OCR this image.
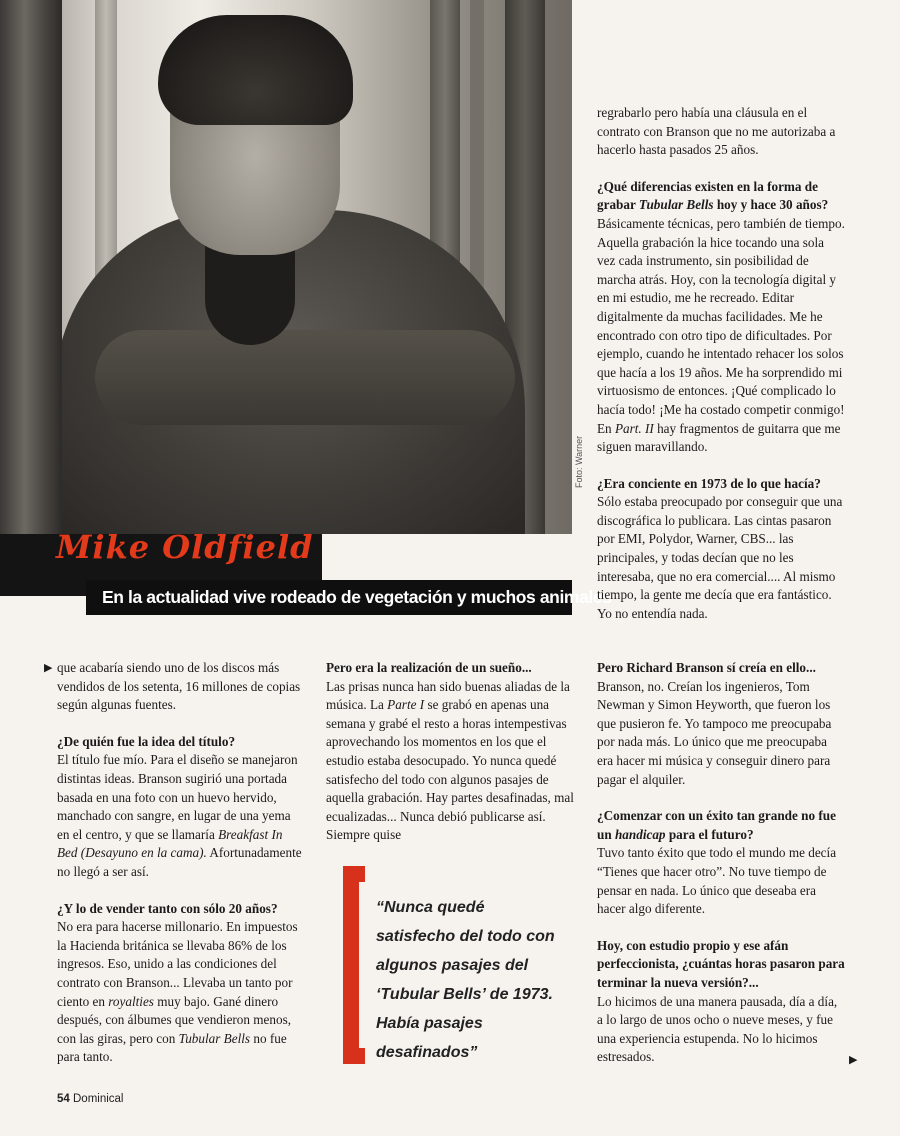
Foto: Warner
Mike Oldfield
En la actualidad vive rodeado de vegetación y muchos animales
▶ que acabaría siendo uno de los discos más vendidos de los setenta, 16 millones de copias según algunas fuentes.

¿De quién fue la idea del título?

El título fue mío. Para el diseño se manejaron distintas ideas. Branson sugirió una portada basada en una foto con un huevo hervido, manchado con sangre, en lugar de una yema en el centro, y que se llamaría Breakfast In Bed (Desayuno en la cama). Afortunadamente no llegó a ser así.

¿Y lo de vender tanto con sólo 20 años?

No era para hacerse millonario. En impuestos la Hacienda británica se llevaba 86% de los ingresos. Eso, unido a las condiciones del contrato con Branson... Llevaba un tanto por ciento en royalties muy bajo. Gané dinero después, con álbumes que vendieron menos, con las giras, pero con Tubular Bells no fue para tanto.

Pero era la realización de un sueño...

Las prisas nunca han sido buenas aliadas de la música. La Parte I se grabó en apenas una semana y grabé el resto a horas intempestivas aprovechando los momentos en los que el estudio estaba desocupado. Yo nunca quedé satisfecho del todo con algunos pasajes de aquella grabación. Hay partes desafinadas, mal ecualizadas... Nunca debió publicarse así. Siempre quise

“Nunca quedé satisfecho del todo con algunos pasajes del ‘Tubular Bells’ de 1973. Había pasajes desafinados”

regrabarlo pero había una cláusula en el contrato con Branson que no me autorizaba a hacerlo hasta pasados 25 años.

¿Qué diferencias existen en la forma de grabar Tubular Bells hoy y hace 30 años?

Básicamente técnicas, pero también de tiempo. Aquella grabación la hice tocando una sola vez cada instrumento, sin posibilidad de marcha atrás. Hoy, con la tecnología digital y en mi estudio, me he recreado. Editar digitalmente da muchas facilidades. Me he encontrado con otro tipo de dificultades. Por ejemplo, cuando he intentado rehacer los solos que hacía a los 19 años. Me ha sorprendido mi virtuosismo de entonces. ¡Qué complicado lo hacía todo! ¡Me ha costado competir conmigo! En Part. II hay fragmentos de guitarra que me siguen maravillando.

¿Era conciente en 1973 de lo que hacía?

Sólo estaba preocupado por conseguir que una discográfica lo publicara. Las cintas pasaron por EMI, Polydor, Warner, CBS... las principales, y todas decían que no les interesaba, que no era comercial.... Al mismo tiempo, la gente me decía que era fantástico. Yo no entendía nada.

Pero Richard Branson sí creía en ello...

Branson, no. Creían los ingenieros, Tom Newman y Simon Heyworth, que fueron los que pusieron fe. Yo tampoco me preocupaba por nada más. Lo único que me preocupaba era hacer mi música y conseguir dinero para pagar el alquiler.

¿Comenzar con un éxito tan grande no fue un handicap para el futuro?

Tuvo tanto éxito que todo el mundo me decía “Tienes que hacer otro”. No tuve tiempo de pensar en nada. Lo único que deseaba era hacer algo diferente.

Hoy, con estudio propio y ese afán perfeccionista, ¿cuántas horas pasaron para terminar la nueva versión?...

Lo hicimos de una manera pausada, día a día, a lo largo de unos ocho o nueve meses, y fue una experiencia estupenda. No lo hicimos estresados.	▶
54 Dominical
